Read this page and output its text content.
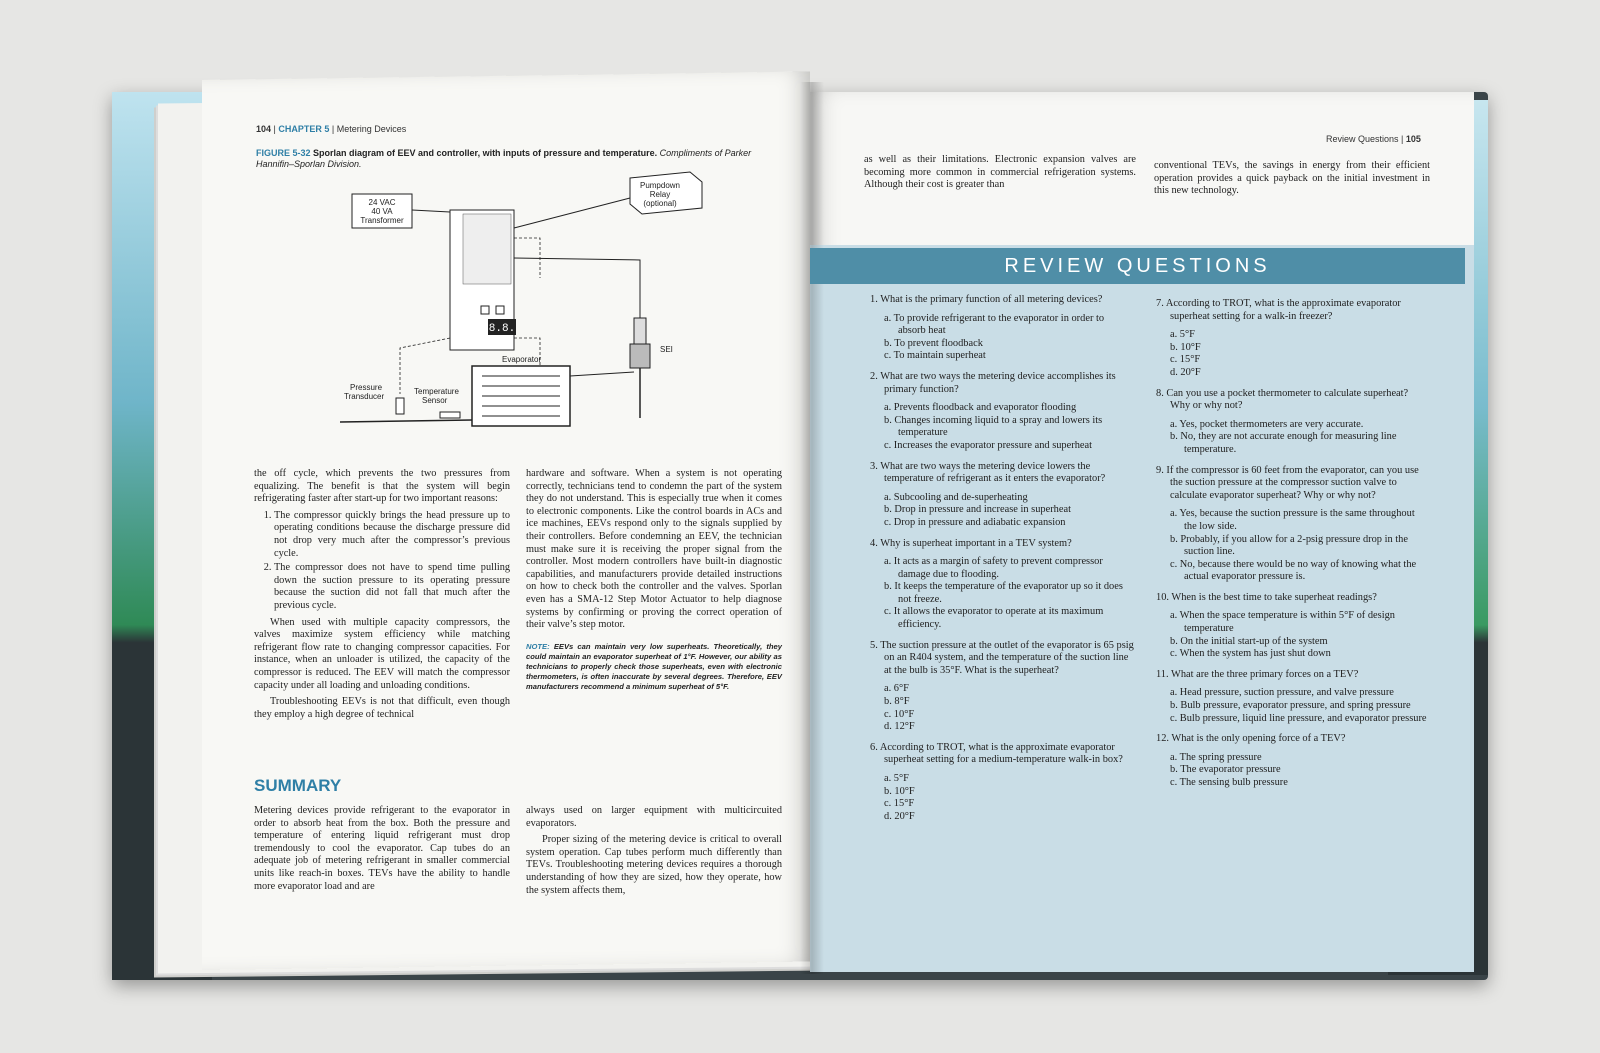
104 | CHAPTER 5 | Metering Devices
FIGURE 5-32 Sporlan diagram of EEV and controller, with inputs of pressure and temperature. Compliments of Parker Hannifin–Sporlan Division.
24 VAC
40 VA
Transformer
8.8.
Pumpdown
Relay
(optional)
SEI
Evaporator
Pressure
Transducer
Temperature
Sensor

the off cycle, which prevents the two pressures from equalizing. The benefit is that the system will begin refrigerating faster after start-up for two important reasons:

1. The compressor quickly brings the head pressure up to operating conditions because the discharge pressure did not drop very much after the compressor’s previous cycle.
2. The compressor does not have to spend time pulling down the suction pressure to its operating pressure because the suction did not fall that much after the previous cycle.

When used with multiple capacity compressors, the valves maximize system efficiency while matching refrigerant flow rate to changing compressor capacities. For instance, when an unloader is utilized, the capacity of the compressor is reduced. The EEV will match the compressor capacity under all loading and unloading conditions.

Troubleshooting EEVs is not that difficult, even though they employ a high degree of technical

hardware and software. When a system is not operating correctly, technicians tend to condemn the part of the system they do not understand. This is especially true when it comes to electronic components. Like the control boards in ACs and ice machines, EEVs respond only to the signals supplied by their controllers. Before condemning an EEV, the technician must make sure it is receiving the proper signal from the controller. Most modern controllers have built-in diagnostic capabilities, and manufacturers provide detailed instructions on how to check both the controller and the valves. Sporlan even has a SMA-12 Step Motor Actuator to help diagnose systems by confirming or proving the correct operation of their valve’s step motor.

NOTE: EEVs can maintain very low superheats. Theoretically, they could maintain an evaporator superheat of 1°F. However, our ability as technicians to properly check those superheats, even with electronic thermometers, is often inaccurate by several degrees. Therefore, EEV manufacturers recommend a minimum superheat of 5°F.

SUMMARY

Metering devices provide refrigerant to the evaporator in order to absorb heat from the box. Both the pressure and temperature of entering liquid refrigerant must drop tremendously to cool the evaporator. Cap tubes do an adequate job of metering refrigerant in smaller commercial units like reach-in boxes. TEVs have the ability to handle more evaporator load and are

always used on larger equipment with multicircuited evaporators.

Proper sizing of the metering device is critical to overall system operation. Cap tubes perform much differently than TEVs. Troubleshooting metering devices requires a thorough understanding of how they are sized, how they operate, how the system affects them,

Review Questions | 105

as well as their limitations. Electronic expansion valves are becoming more common in commercial refrigeration systems. Although their cost is greater than

conventional TEVs, the savings in energy from their efficient operation provides a quick payback on the initial investment in this new technology.

REVIEW QUESTIONS

1. What is the primary function of all metering devices?

a. To provide refrigerant to the evaporator in order to absorb heat
b. To prevent floodback
c. To maintain superheat

2. What are two ways the metering device accomplishes its primary function?

a. Prevents floodback and evaporator flooding
b. Changes incoming liquid to a spray and lowers its temperature
c. Increases the evaporator pressure and superheat

3. What are two ways the metering device lowers the temperature of refrigerant as it enters the evaporator?

a. Subcooling and de-superheating
b. Drop in pressure and increase in superheat
c. Drop in pressure and adiabatic expansion

4. Why is superheat important in a TEV system?

a. It acts as a margin of safety to prevent compressor damage due to flooding.
b. It keeps the temperature of the evaporator up so it does not freeze.
c. It allows the evaporator to operate at its maximum efficiency.

5. The suction pressure at the outlet of the evaporator is 65 psig on an R404 system, and the temperature of the suction line at the bulb is 35°F. What is the superheat?

a. 6°F
b. 8°F
c. 10°F
d. 12°F

6. According to TROT, what is the approximate evaporator superheat setting for a medium-temperature walk-in box?

a. 5°F
b. 10°F
c. 15°F
d. 20°F

7. According to TROT, what is the approximate evaporator superheat setting for a walk-in freezer?

a. 5°F
b. 10°F
c. 15°F
d. 20°F

8. Can you use a pocket thermometer to calculate superheat? Why or why not?

a. Yes, pocket thermometers are very accurate.
b. No, they are not accurate enough for measuring line temperature.

9. If the compressor is 60 feet from the evaporator, can you use the suction pressure at the compressor suction valve to calculate evaporator superheat? Why or why not?

a. Yes, because the suction pressure is the same throughout the low side.
b. Probably, if you allow for a 2-psig pressure drop in the suction line.
c. No, because there would be no way of knowing what the actual evaporator pressure is.

10. When is the best time to take superheat readings?

a. When the space temperature is within 5°F of design temperature
b. On the initial start-up of the system
c. When the system has just shut down

11. What are the three primary forces on a TEV?

a. Head pressure, suction pressure, and valve pressure
b. Bulb pressure, evaporator pressure, and spring pressure
c. Bulb pressure, liquid line pressure, and evaporator pressure

12. What is the only opening force of a TEV?

a. The spring pressure
b. The evaporator pressure
c. The sensing bulb pressure
